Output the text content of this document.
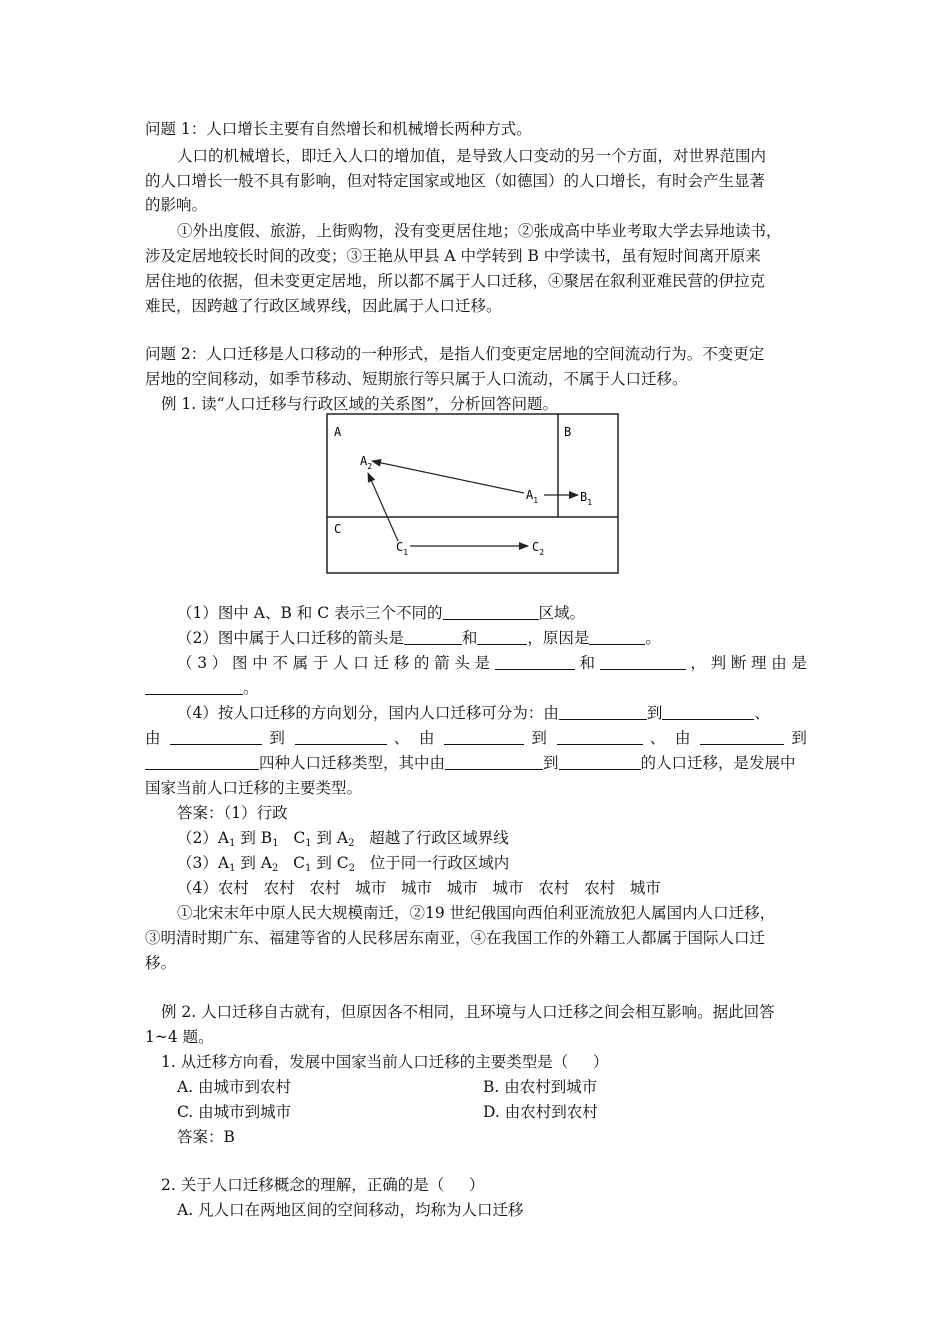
问题 1：人口增长主要有自然增长和机械增长两种方式。
人口的机械增长，即迁入人口的增加值，是导致人口变动的另一个方面，对世界范围内
的人口增长一般不具有影响，但对特定国家或地区（如德国）的人口增长，有时会产生显著
的影响。
①外出度假、旅游，上街购物，没有变更居住地；②张成高中毕业考取大学去异地读书，
涉及定居地较长时间的改变；③王艳从甲县 A 中学转到 B 中学读书，虽有短时间离开原来
居住地的依据，但未变更定居地，所以都不属于人口迁移，④聚居在叙利亚难民营的伊拉克
难民，因跨越了行政区域界线，因此属于人口迁移。
问题 2：人口迁移是人口移动的一种形式，是指人们变更定居地的空间流动行为。不变更定
居地的空间移动，如季节移动、短期旅行等只属于人口流动，不属于人口迁移。
例 1. 读“人口迁移与行政区域的关系图”，分析回答问题。
A	B
C
$A_2$
$A_1$	$B_1$
$C_1$	$C_2$
（1）图中 A、B 和 C 表示三个不同的	区域。
（2）图中属于人口迁移的箭头是	和	，原因是	。
（3）图中不属于人口迁移的箭头是	和	，判断理由是
。
（4）按人口迁移的方向划分，国内人口迁移可分为：由	到	、
由	到	、 由	到	、 由	到
四种人口迁移类型，其中由	到	的人口迁移，是发展中
国家当前人口迁移的主要类型。
答案：（1）行政
$(2)A_1$ 到 $B_1$   $C_1$ 到 $A_2$   超越了行政区域界线
$(3)A_1$ 到 $A_2$   $C_1$ 到 $C_2$   位于同一行政区域内
（4）农村   农村   农村   城市   城市   城市   城市   农村   农村   城市
①北宋末年中原人民大规模南迁，②19 世纪俄国向西伯利亚流放犯人属国内人口迁移，
③明清时期广东、福建等省的人民移居东南亚，④在我国工作的外籍工人都属于国际人口迁
移。
例 2. 人口迁移自古就有，但原因各不相同，且环境与人口迁移之间会相互影响。据此回答
1~4 题。
1. 从迁移方向看，发展中国家当前人口迁移的主要类型是（     ）
A. 由城市到农村	B. 由农村到城市
C. 由城市到城市	D. 由农村到农村
答案：B
2. 关于人口迁移概念的理解，正确的是（     ）
A. 凡人口在两地区间的空间移动，均称为人口迁移
